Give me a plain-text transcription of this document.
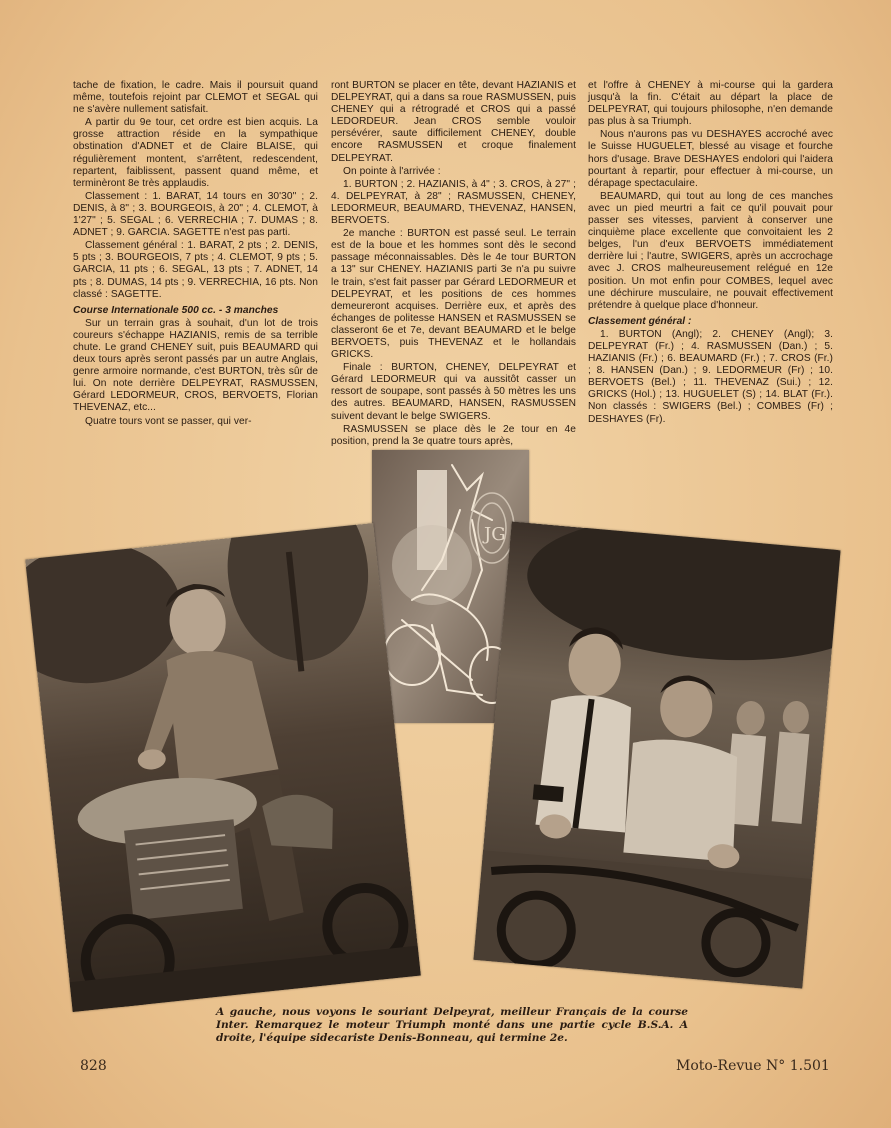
tache de fixation, le cadre. Mais il poursuit quand même, toutefois rejoint par CLEMOT et SEGAL qui ne s'avère nullement satisfait.

A partir du 9e tour, cet ordre est bien acquis. La grosse attraction réside en la sympathique obstination d'ADNET et de Claire BLAISE, qui régulièrement montent, s'arrêtent, redescendent, repartent, faiblissent, passent quand même, et terminèront 8e très applaudis.

Classement : 1. BARAT, 14 tours en 30'30" ; 2. DENIS, à 8" ; 3. BOURGEOIS, à 20" ; 4. CLEMOT, à 1'27" ; 5. SEGAL ; 6. VERRECHIA ; 7. DUMAS ; 8. ADNET ; 9. GARCIA. SAGETTE n'est pas parti.

Classement général : 1. BARAT, 2 pts ; 2. DENIS, 5 pts ; 3. BOURGEOIS, 7 pts ; 4. CLEMOT, 9 pts ; 5. GARCIA, 11 pts ; 6. SEGAL, 13 pts ; 7. ADNET, 14 pts ; 8. DUMAS, 14 pts ; 9. VERRECHIA, 16 pts. Non classé : SAGETTE.

Course Internationale 500 cc. - 3 manches

Sur un terrain gras à souhait, d'un lot de trois coureurs s'échappe HAZIANIS, remis de sa terrible chute. Le grand CHENEY suit, puis BEAUMARD qui deux tours après seront passés par un autre Anglais, genre armoire normande, c'est BURTON, très sûr de lui. On note derrière DELPEYRAT, RASMUSSEN, Gérard LEDORMEUR, CROS, BERVOETS, Florian THEVENAZ, etc...

Quatre tours vont se passer, qui ver-

ront BURTON se placer en tête, devant HAZIANIS et DELPEYRAT, qui a dans sa roue RASMUSSEN, puis CHENEY qui a rétrogradé et CROS qui a passé LEDORDEUR. Jean CROS semble vouloir persévérer, saute difficilement CHENEY, double encore RASMUSSEN et croque finalement DELPEYRAT.

On pointe à l'arrivée :

1. BURTON ; 2. HAZIANIS, à 4" ; 3. CROS, à 27" ; 4. DELPEYRAT, à 28" ; RASMUSSEN, CHENEY, LEDORMEUR, BEAUMARD, THEVENAZ, HANSEN, BERVOETS.

2e manche : BURTON est passé seul. Le terrain est de la boue et les hommes sont dès le second passage méconnaissables. Dès le 4e tour BURTON a 13" sur CHENEY. HAZIANIS parti 3e n'a pu suivre le train, s'est fait passer par Gérard LEDORMEUR et DELPEYRAT, et les positions de ces hommes demeureront acquises. Derrière eux, et après des échanges de politesse HANSEN et RASMUSSEN se classeront 6e et 7e, devant BEAUMARD et le belge BERVOETS, puis THEVENAZ et le hollandais GRICKS.

Finale : BURTON, CHENEY, DELPEYRAT et Gérard LEDORMEUR qui va aussitôt casser un ressort de soupape, sont passés à 50 mètres les uns des autres. BEAUMARD, HANSEN, RASMUSSEN suivent devant le belge SWIGERS.

RASMUSSEN se place dès le 2e tour en 4e position, prend la 3e quatre tours après,

et l'offre à CHENEY à mi-course qui la gardera jusqu'à la fin. C'était au départ la place de DELPEYRAT, qui toujours philosophe, n'en demande pas plus à sa Triumph.

Nous n'aurons pas vu DESHAYES accroché avec le Suisse HUGUELET, blessé au visage et fourche hors d'usage. Brave DESHAYES endolori qui l'aidera pourtant à repartir, pour effectuer à mi-course, un dérapage spectaculaire.

BEAUMARD, qui tout au long de ces manches avec un pied meurtri a fait ce qu'il pouvait pour passer ses vitesses, parvient à conserver une cinquième place excellente que convoitaient les 2 belges, l'un d'eux BERVOETS immédiatement derrière lui ; l'autre, SWIGERS, après un accrochage avec J. CROS malheureusement relégué en 12e position. Un mot enfin pour COMBES, lequel avec une déchirure musculaire, ne pouvait effectivement prétendre à quelque place d'honneur.

Classement général :

1. BURTON (Angl); 2. CHENEY (Angl); 3. DELPEYRAT (Fr.) ; 4. RASMUSSEN (Dan.) ; 5. HAZIANIS (Fr.) ; 6. BEAUMARD (Fr.) ; 7. CROS (Fr.) ; 8. HANSEN (Dan.) ; 9. LEDORMEUR (Fr) ; 10. BERVOETS (Bel.) ; 11. THEVENAZ (Sui.) ; 12. GRICKS (Hol.) ; 13. HUGUELET (S) ; 14. BLAT (Fr.). Non classés : SWIGERS (Bel.) ; COMBES (Fr) ; DESHAYES (Fr).

JG
A gauche, nous voyons le souriant Delpeyrat, meilleur Français de la course Inter. Remarquez le moteur Triumph monté dans une partie cycle B.S.A. A droite, l'équipe sidecariste Denis-Bonneau, qui termine 2e.
828	Moto-Revue N° 1.501
